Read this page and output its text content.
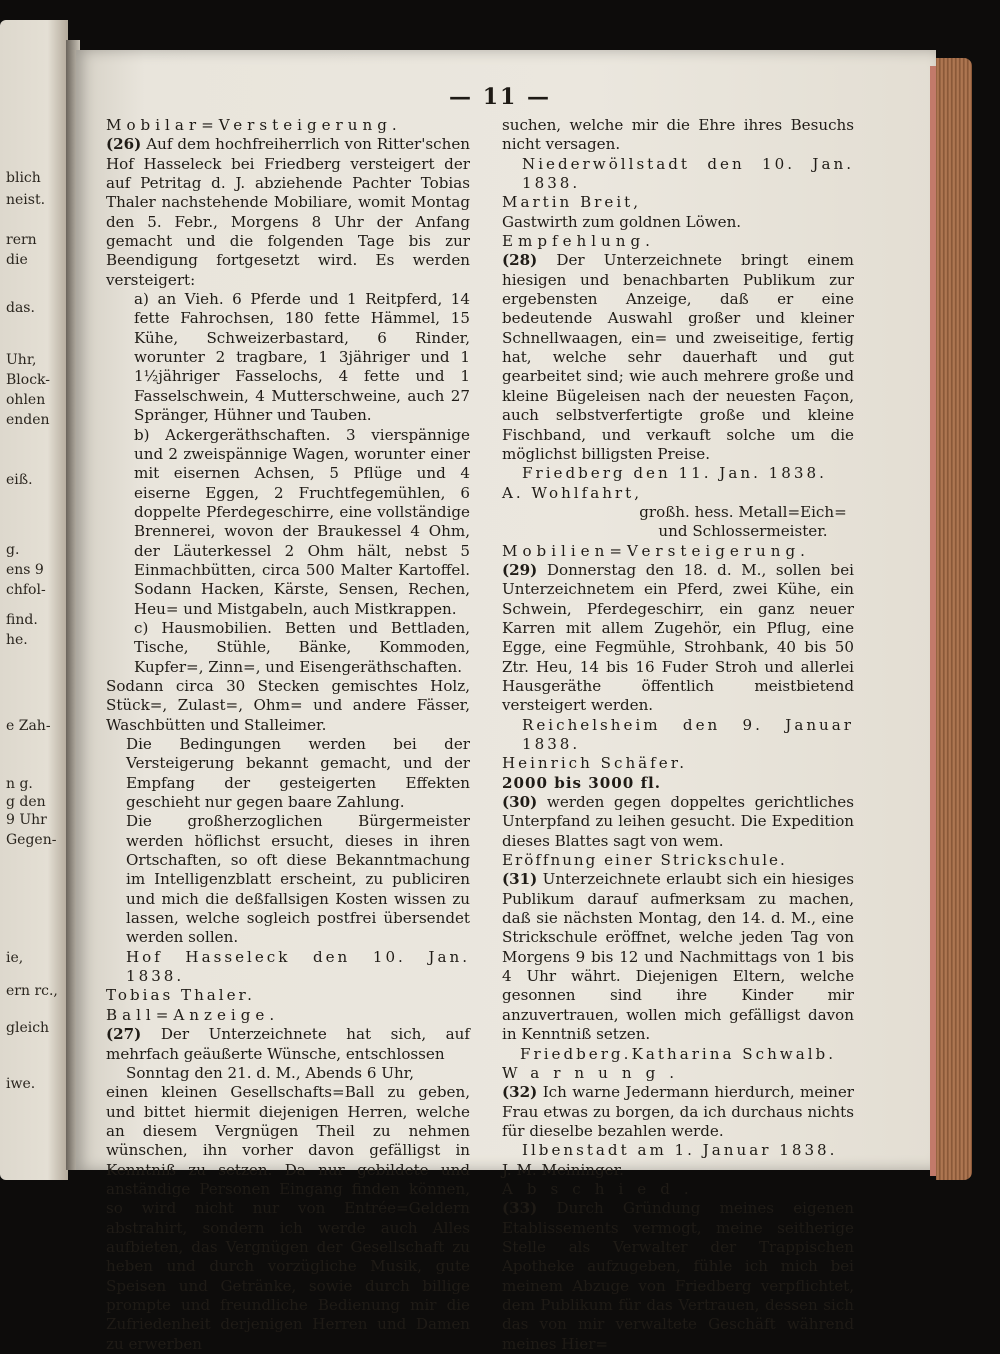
blich
neist.
rern
die
das.
Uhr,
Block-
ohlen
enden
eiß.
g.
ens 9
chfol-
find.
he.
e Zah-
n g.
g den
9 Uhr
Gegen-
ie,
ern rc.,
gleich
iwe.
— 11 —

Mobilar=Versteigerung.

(26) Auf dem hochfreiherrlich von Ritter'schen Hof Hasseleck bei Friedberg versteigert der auf Petritag d. J. abziehende Pachter Tobias Thaler nachstehende Mobiliare, womit Montag den 5. Febr., Morgens 8 Uhr der Anfang gemacht und die folgenden Tage bis zur Beendigung fortgesetzt wird. Es werden versteigert:

a) an Vieh. 6 Pferde und 1 Reitpferd, 14 fette Fahrochsen, 180 fette Hämmel, 15 Kühe, Schweizerbastard, 6 Rinder, worunter 2 tragbare, 1 3jähriger und 1 1½jähriger Fasselochs, 4 fette und 1 Fasselschwein, 4 Mutterschweine, auch 27 Spränger, Hühner und Tauben.

b) Ackergeräthschaften. 3 vierspännige und 2 zweispännige Wagen, worunter einer mit eisernen Achsen, 5 Pflüge und 4 eiserne Eggen, 2 Fruchtfegemühlen, 6 doppelte Pferdegeschirre, eine vollständige Brennerei, wovon der Braukessel 4 Ohm, der Läuterkessel 2 Ohm hält, nebst 5 Einmachbütten, circa 500 Malter Kartoffel. Sodann Hacken, Kärste, Sensen, Rechen, Heu= und Mistgabeln, auch Mistkrappen.

c) Hausmobilien. Betten und Bettladen, Tische, Stühle, Bänke, Kommoden, Kupfer=, Zinn=, und Eisengeräthschaften.

Sodann circa 30 Stecken gemischtes Holz, Stück=, Zulast=, Ohm= und andere Fässer, Waschbütten und Stalleimer.

Die Bedingungen werden bei der Versteigerung bekannt gemacht, und der Empfang der gesteigerten Effekten geschieht nur gegen baare Zahlung.

Die großherzoglichen Bürgermeister werden höflichst ersucht, dieses in ihren Ortschaften, so oft diese Bekanntmachung im Intelligenzblatt erscheint, zu publiciren und mich die deßfallsigen Kosten wissen zu lassen, welche sogleich postfrei übersendet werden sollen.

Hof Hasseleck den 10. Jan. 1838.

Tobias Thaler.

Ball=Anzeige.

(27) Der Unterzeichnete hat sich, auf mehrfach geäußerte Wünsche, entschlossen

Sonntag den 21. d. M., Abends 6 Uhr,

einen kleinen Gesellschafts=Ball zu geben, und bittet hiermit diejenigen Herren, welche an diesem Vergnügen Theil zu nehmen wünschen, ihn vorher davon gefälligst in Kenntniß zu setzen. Da nur gebildete und anständige Personen Eingang finden können, so wird nicht nur von Entrée=Geldern abstrahirt, sondern ich werde auch Alles aufbieten, das Vergnügen der Gesellschaft zu heben und durch vorzügliche Musik, gute Speisen und Getränke, sowie durch billige prompte und freundliche Bedienung mir die Zufriedenheit derjenigen Herren und Damen zu erwerben

suchen, welche mir die Ehre ihres Besuchs nicht versagen.

Niederwöllstadt den 10. Jan. 1838.

Martin Breit,

Gastwirth zum goldnen Löwen.

Empfehlung.

(28) Der Unterzeichnete bringt einem hiesigen und benachbarten Publikum zur ergebensten Anzeige, daß er eine bedeutende Auswahl großer und kleiner Schnellwaagen, ein= und zweiseitige, fertig hat, welche sehr dauerhaft und gut gearbeitet sind; wie auch mehrere große und kleine Bügeleisen nach der neuesten Façon, auch selbstverfertigte große und kleine Fischband, und verkauft solche um die möglichst billigsten Preise.

Friedberg den 11. Jan. 1838.

A. Wohlfahrt,

großh. hess. Metall=Eich= und Schlossermeister.

Mobilien=Versteigerung.

(29) Donnerstag den 18. d. M., sollen bei Unterzeichnetem ein Pferd, zwei Kühe, ein Schwein, Pferdegeschirr, ein ganz neuer Karren mit allem Zugehör, ein Pflug, eine Egge, eine Fegmühle, Strohbank, 40 bis 50 Ztr. Heu, 14 bis 16 Fuder Stroh und allerlei Hausgeräthe öffentlich meistbietend versteigert werden.

Reichelsheim den 9. Januar 1838.

Heinrich Schäfer.

2000 bis 3000 fl.

(30) werden gegen doppeltes gerichtliches Unterpfand zu leihen gesucht. Die Expedition dieses Blattes sagt von wem.

Eröffnung einer Strickschule.

(31) Unterzeichnete erlaubt sich ein hiesiges Publikum darauf aufmerksam zu machen, daß sie nächsten Montag, den 14. d. M., eine Strickschule eröffnet, welche jeden Tag von Morgens 9 bis 12 und Nachmittags von 1 bis 4 Uhr währt. Diejenigen Eltern, welche gesonnen sind ihre Kinder mir anzuvertrauen, wollen mich gefälligst davon in Kenntniß setzen.

Friedberg. Katharina Schwalb.

Warnung.

(32) Ich warne Jedermann hierdurch, meiner Frau etwas zu borgen, da ich durchaus nichts für dieselbe bezahlen werde.

Ilbenstadt am 1. Januar 1838.

J. M. Meininger.

Abschied.

(33) Durch Gründung meines eigenen Etablissements vermogt, meine seitherige Stelle als Verwalter der Trappischen Apotheke aufzugeben, fühle ich mich bei meinem Abzuge von Friedberg verpflichtet, dem Publikum für das Vertrauen, dessen sich das von mir verwaltete Geschäft während meines Hier=
